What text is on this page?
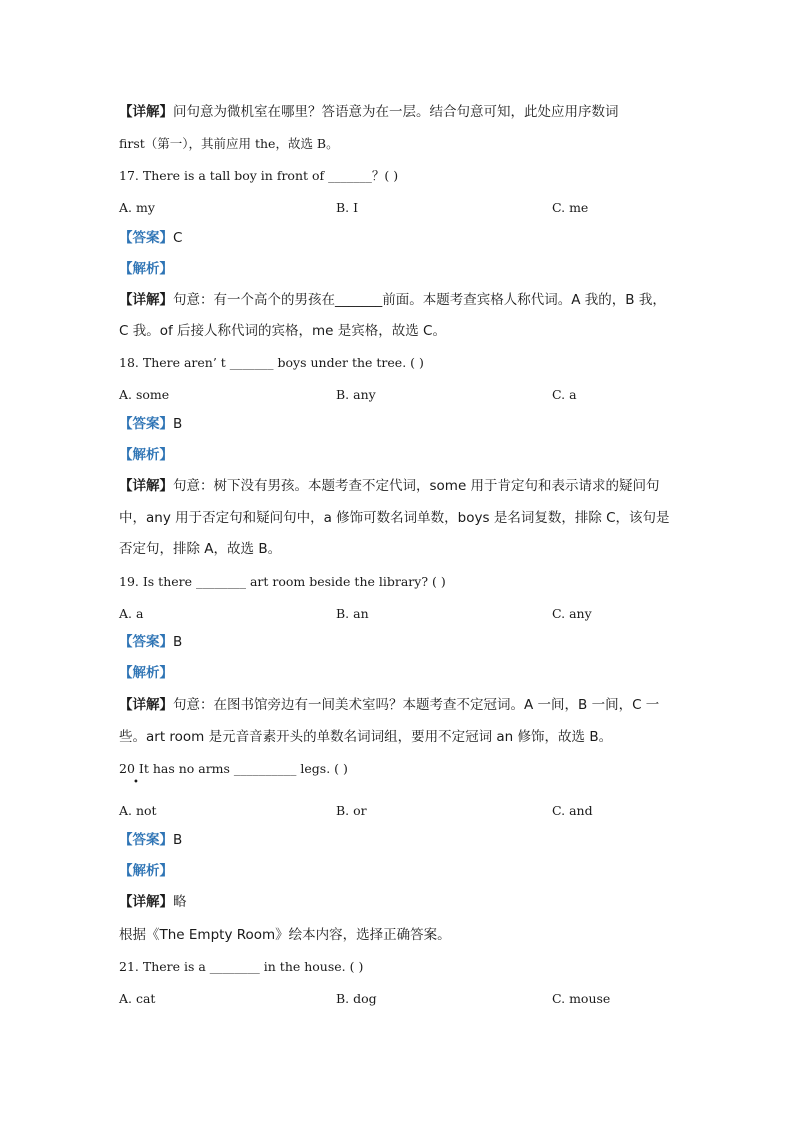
【详解】问句意为微机室在哪里？答语意为在一层。结合句意可知，此处应用序数词
first（第一），其前应用 the，故选 B。
17. There is a tall boy in front of _______？( )
A. my	B. I	C. me
【答案】C
【解析】
【详解】句意：有一个高个的男孩在_______前面。本题考查宾格人称代词。A 我的，B 我，
C 我。of 后接人称代词的宾格，me 是宾格，故选 C。
18. There aren’ t _______ boys under the tree. ( )
A. some	B. any	C. a
【答案】B
【解析】
【详解】句意：树下没有男孩。本题考查不定代词，some 用于肯定句和表示请求的疑问句
中，any 用于否定句和疑问句中，a 修饰可数名词单数，boys 是名词复数，排除 C，该句是
否定句，排除 A，故选 B。
19. Is there ________ art room beside the library? ( )
A. a	B. an	C. any
【答案】B
【解析】
【详解】句意：在图书馆旁边有一间美术室吗？本题考查不定冠词。A 一间，B 一间，C 一
些。art room 是元音音素开头的单数名词词组，要用不定冠词 an 修饰，故选 B。
20 It has no arms __________ legs. ( )
•
A. not	B. or	C. and
【答案】B
【解析】
【详解】略
根据《The Empty Room》绘本内容，选择正确答案。
21. There is a ________ in the house. ( )
A. cat	B. dog	C. mouse
